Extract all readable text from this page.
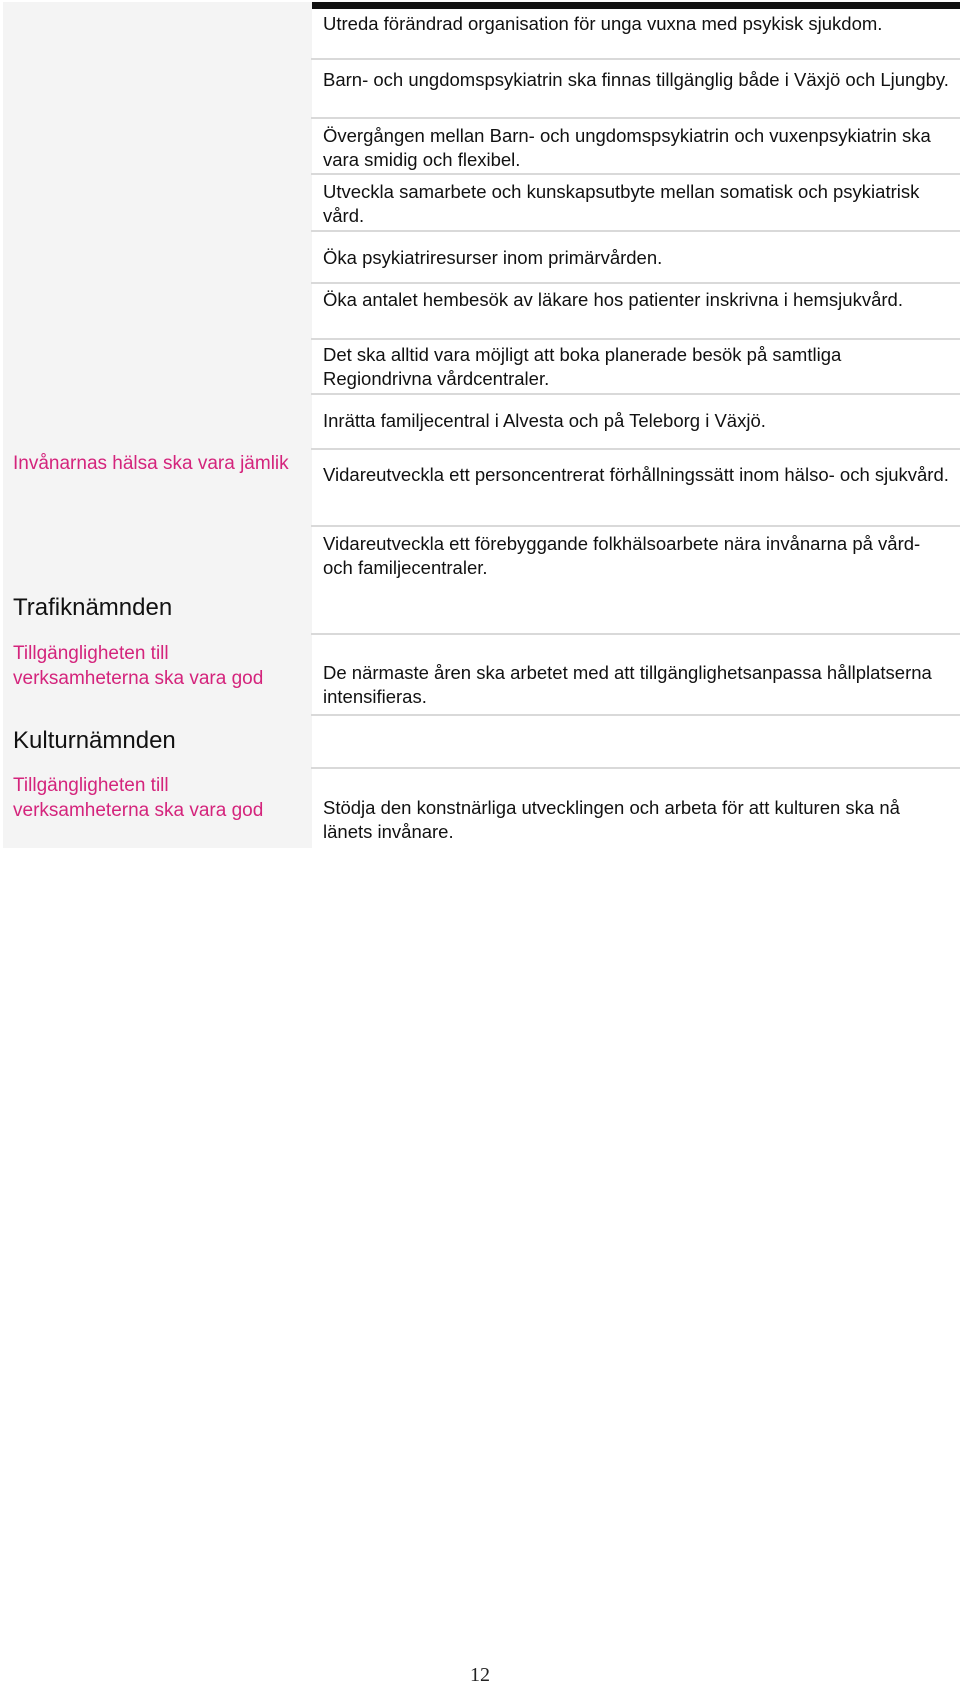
Utreda förändrad organisation för unga vuxna med psykisk sjukdom.
Barn- och ungdomspsykiatrin ska finnas tillgänglig både i Växjö och Ljungby.
Övergången mellan Barn- och ungdomspsykiatrin och vuxenpsykiatrin ska vara smidig och flexibel.
Utveckla samarbete och kunskapsutbyte mellan somatisk och psykiatrisk vård.
Öka psykiatriresurser inom primärvården.
Öka antalet hembesök av läkare hos patienter inskrivna i hemsjukvård.
Det ska alltid vara möjligt att boka planerade besök på samtliga Regiondrivna vårdcentraler.
Inrätta familjecentral i Alvesta och på Teleborg i Växjö.
Vidareutveckla ett personcentrerat förhållningssätt inom hälso- och sjukvård.
Vidareutveckla ett förebyggande folkhälsoarbete nära invånarna på vård- och familjecentraler.
De närmaste åren ska arbetet med att tillgänglighetsanpassa hållplatserna intensifieras.
Stödja den konstnärliga utvecklingen och arbeta för att kulturen ska nå länets invånare.
Invånarnas hälsa ska vara jämlik
Trafiknämnden
Tillgängligheten till verksamheterna ska vara god
Kulturnämnden
Tillgängligheten till verksamheterna ska vara god
12
